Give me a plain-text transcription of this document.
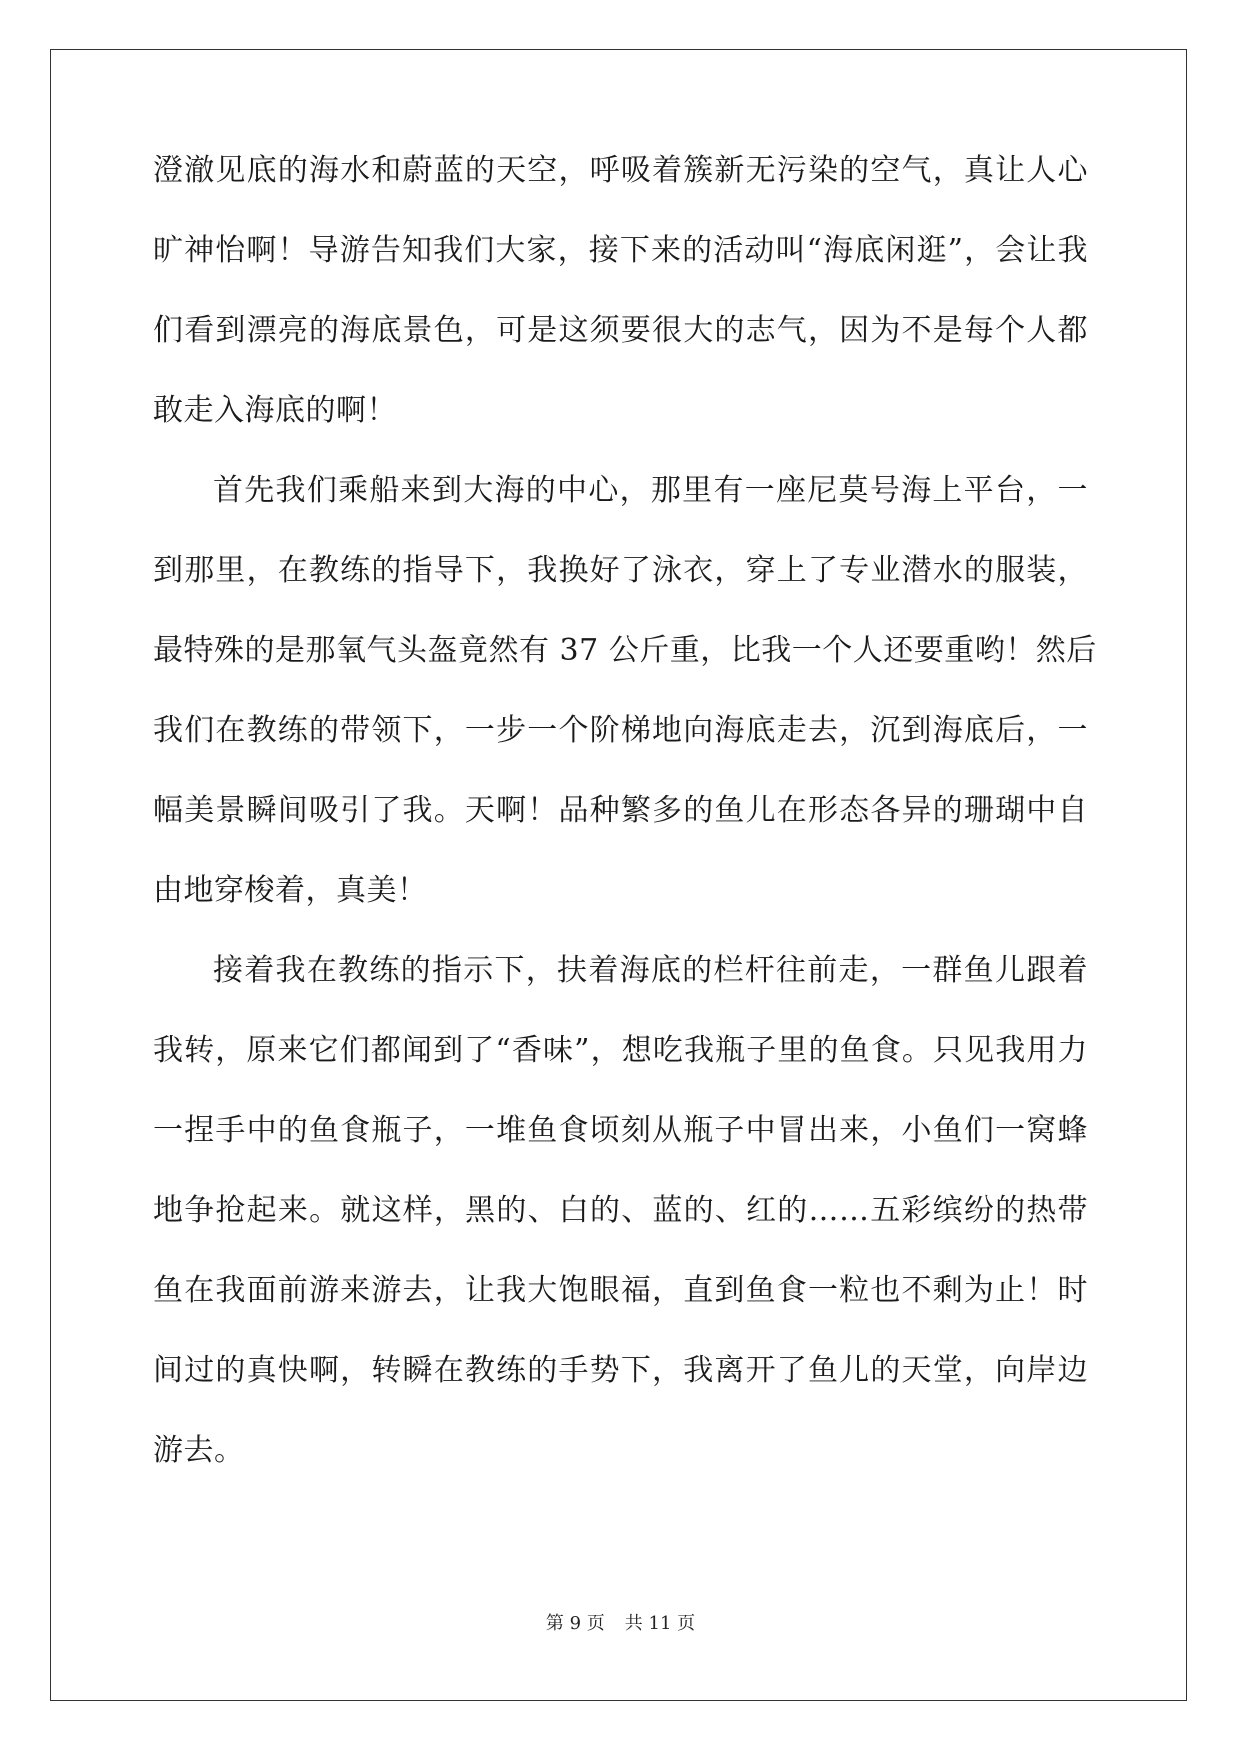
澄澈见底的海水和蔚蓝的天空，呼吸着簇新无污染的空气，真让人心
旷神怡啊！导游告知我们大家，接下来的活动叫“海底闲逛”，会让我
们看到漂亮的海底景色，可是这须要很大的志气，因为不是每个人都
敢走入海底的啊！
首先我们乘船来到大海的中心，那里有一座尼莫号海上平台，一
到那里，在教练的指导下，我换好了泳衣，穿上了专业潜水的服装，
最特殊的是那氧气头盔竟然有 37 公斤重，比我一个人还要重哟！然后
我们在教练的带领下，一步一个阶梯地向海底走去，沉到海底后，一
幅美景瞬间吸引了我。天啊！品种繁多的鱼儿在形态各异的珊瑚中自
由地穿梭着，真美！
接着我在教练的指示下，扶着海底的栏杆往前走，一群鱼儿跟着
我转，原来它们都闻到了“香味”，想吃我瓶子里的鱼食。只见我用力
一捏手中的鱼食瓶子，一堆鱼食顷刻从瓶子中冒出来，小鱼们一窝蜂
地争抢起来。就这样，黑的、白的、蓝的、红的……五彩缤纷的热带
鱼在我面前游来游去，让我大饱眼福，直到鱼食一粒也不剩为止！时
间过的真快啊，转瞬在教练的手势下，我离开了鱼儿的天堂，向岸边
游去。
第 9 页 共 11 页
